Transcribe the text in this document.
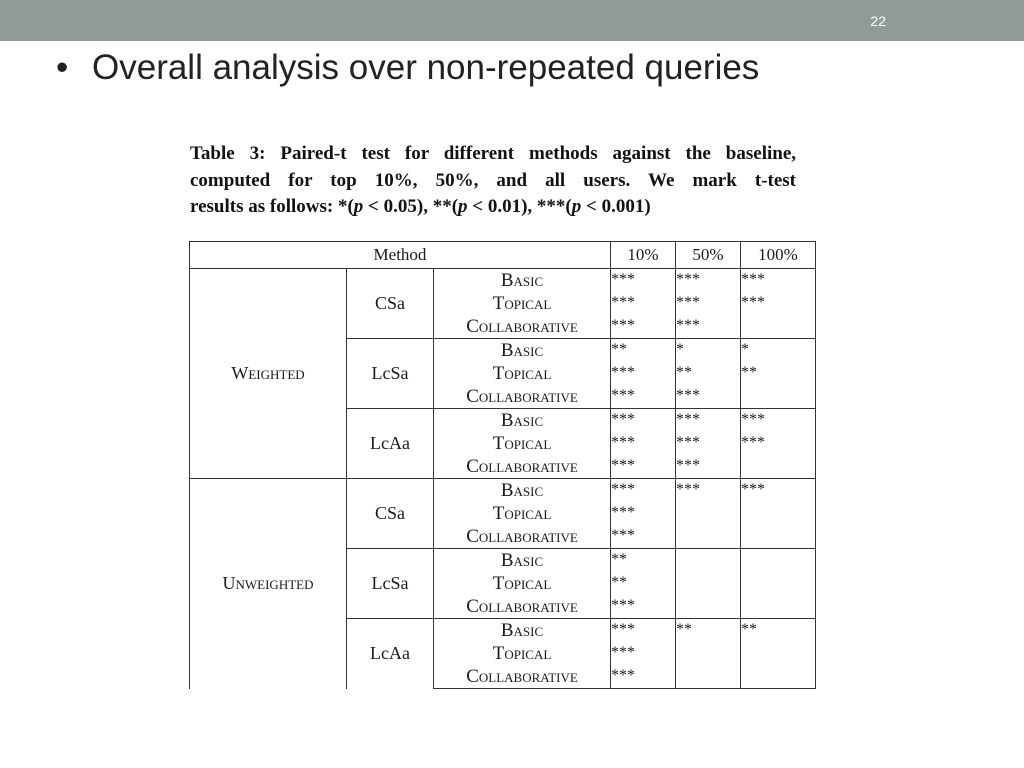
22
• Overall analysis over non-repeated queries
Table 3: Paired-t test for different methods against the baseline,
computed for top 10%, 50%, and all users. We mark t-test
results as follows: *(p < 0.05), **(p < 0.01), ***(p < 0.001)
Method			10%	50%	100%
Weighted	CSa	Basic	***	***	***
		Topical	***	***	***
		Collaborative	***	***	
	LcSa	Basic	**	*	*
		Topical	***	**	**
		Collaborative	***	***	
	LcAa	Basic	***	***	***
		Topical	***	***	***
		Collaborative	***	***	
Unweighted	CSa	Basic	***	***	***
		Topical	***		
		Collaborative	***		
	LcSa	Basic	**		
		Topical	**		
		Collaborative	***		
	LcAa	Basic	***	**	**
		Topical	***		
		Collaborative	***		
